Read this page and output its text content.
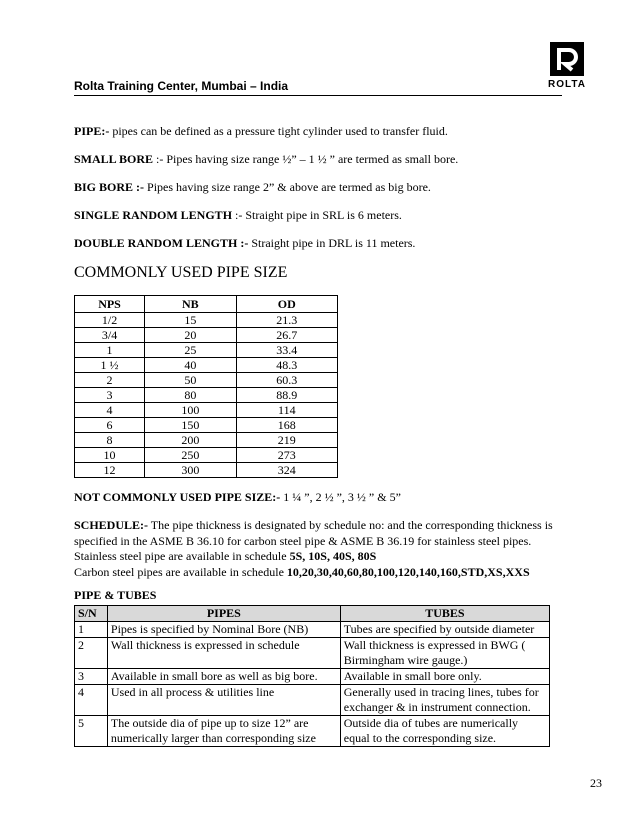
Rolta Training Center, Mumbai – India	ROLTA
PIPE:- pipes can be defined as a pressure tight cylinder used to transfer fluid.
SMALL BORE :- Pipes having size range ½” – 1 ½ ” are termed as small bore.
BIG BORE :- Pipes having size range 2” & above are termed as big bore.
SINGLE RANDOM LENGTH :- Straight pipe in SRL is 6 meters.
DOUBLE RANDOM LENGTH :- Straight pipe in DRL is 11 meters.
COMMONLY USED PIPE SIZE
NPS	NB	OD
1/2	15	21.3
3/4	20	26.7
1	25	33.4
1 ½	40	48.3
2	50	60.3
3	80	88.9
4	100	114
6	150	168
8	200	219
10	250	273
12	300	324
NOT COMMONLY USED PIPE SIZE:- 1 ¼ ”, 2 ½ ”, 3 ½ ” & 5”
SCHEDULE:- The pipe thickness is designated by schedule no: and the corresponding thickness is
specified in the ASME B 36.10 for carbon steel pipe & ASME B 36.19 for stainless steel pipes.
Stainless steel pipe are available in schedule 5S, 10S, 40S, 80S
Carbon steel pipes are available in schedule 10,20,30,40,60,80,100,120,140,160,STD,XS,XXS
PIPE & TUBES
S/N	PIPES	TUBES
1	Pipes is specified by Nominal Bore (NB)	Tubes are specified by outside diameter
2	Wall thickness is expressed in schedule	Wall thickness is expressed in BWG ( Birmingham wire gauge.)
3	Available in small bore as well as big bore.	Available in small bore only.
4	Used in all process & utilities line	Generally used in tracing lines, tubes for exchanger & in instrument connection.
5	The outside dia of pipe up to size 12” are numerically larger than corresponding size	Outside dia of tubes are numerically equal to the corresponding size.
23
